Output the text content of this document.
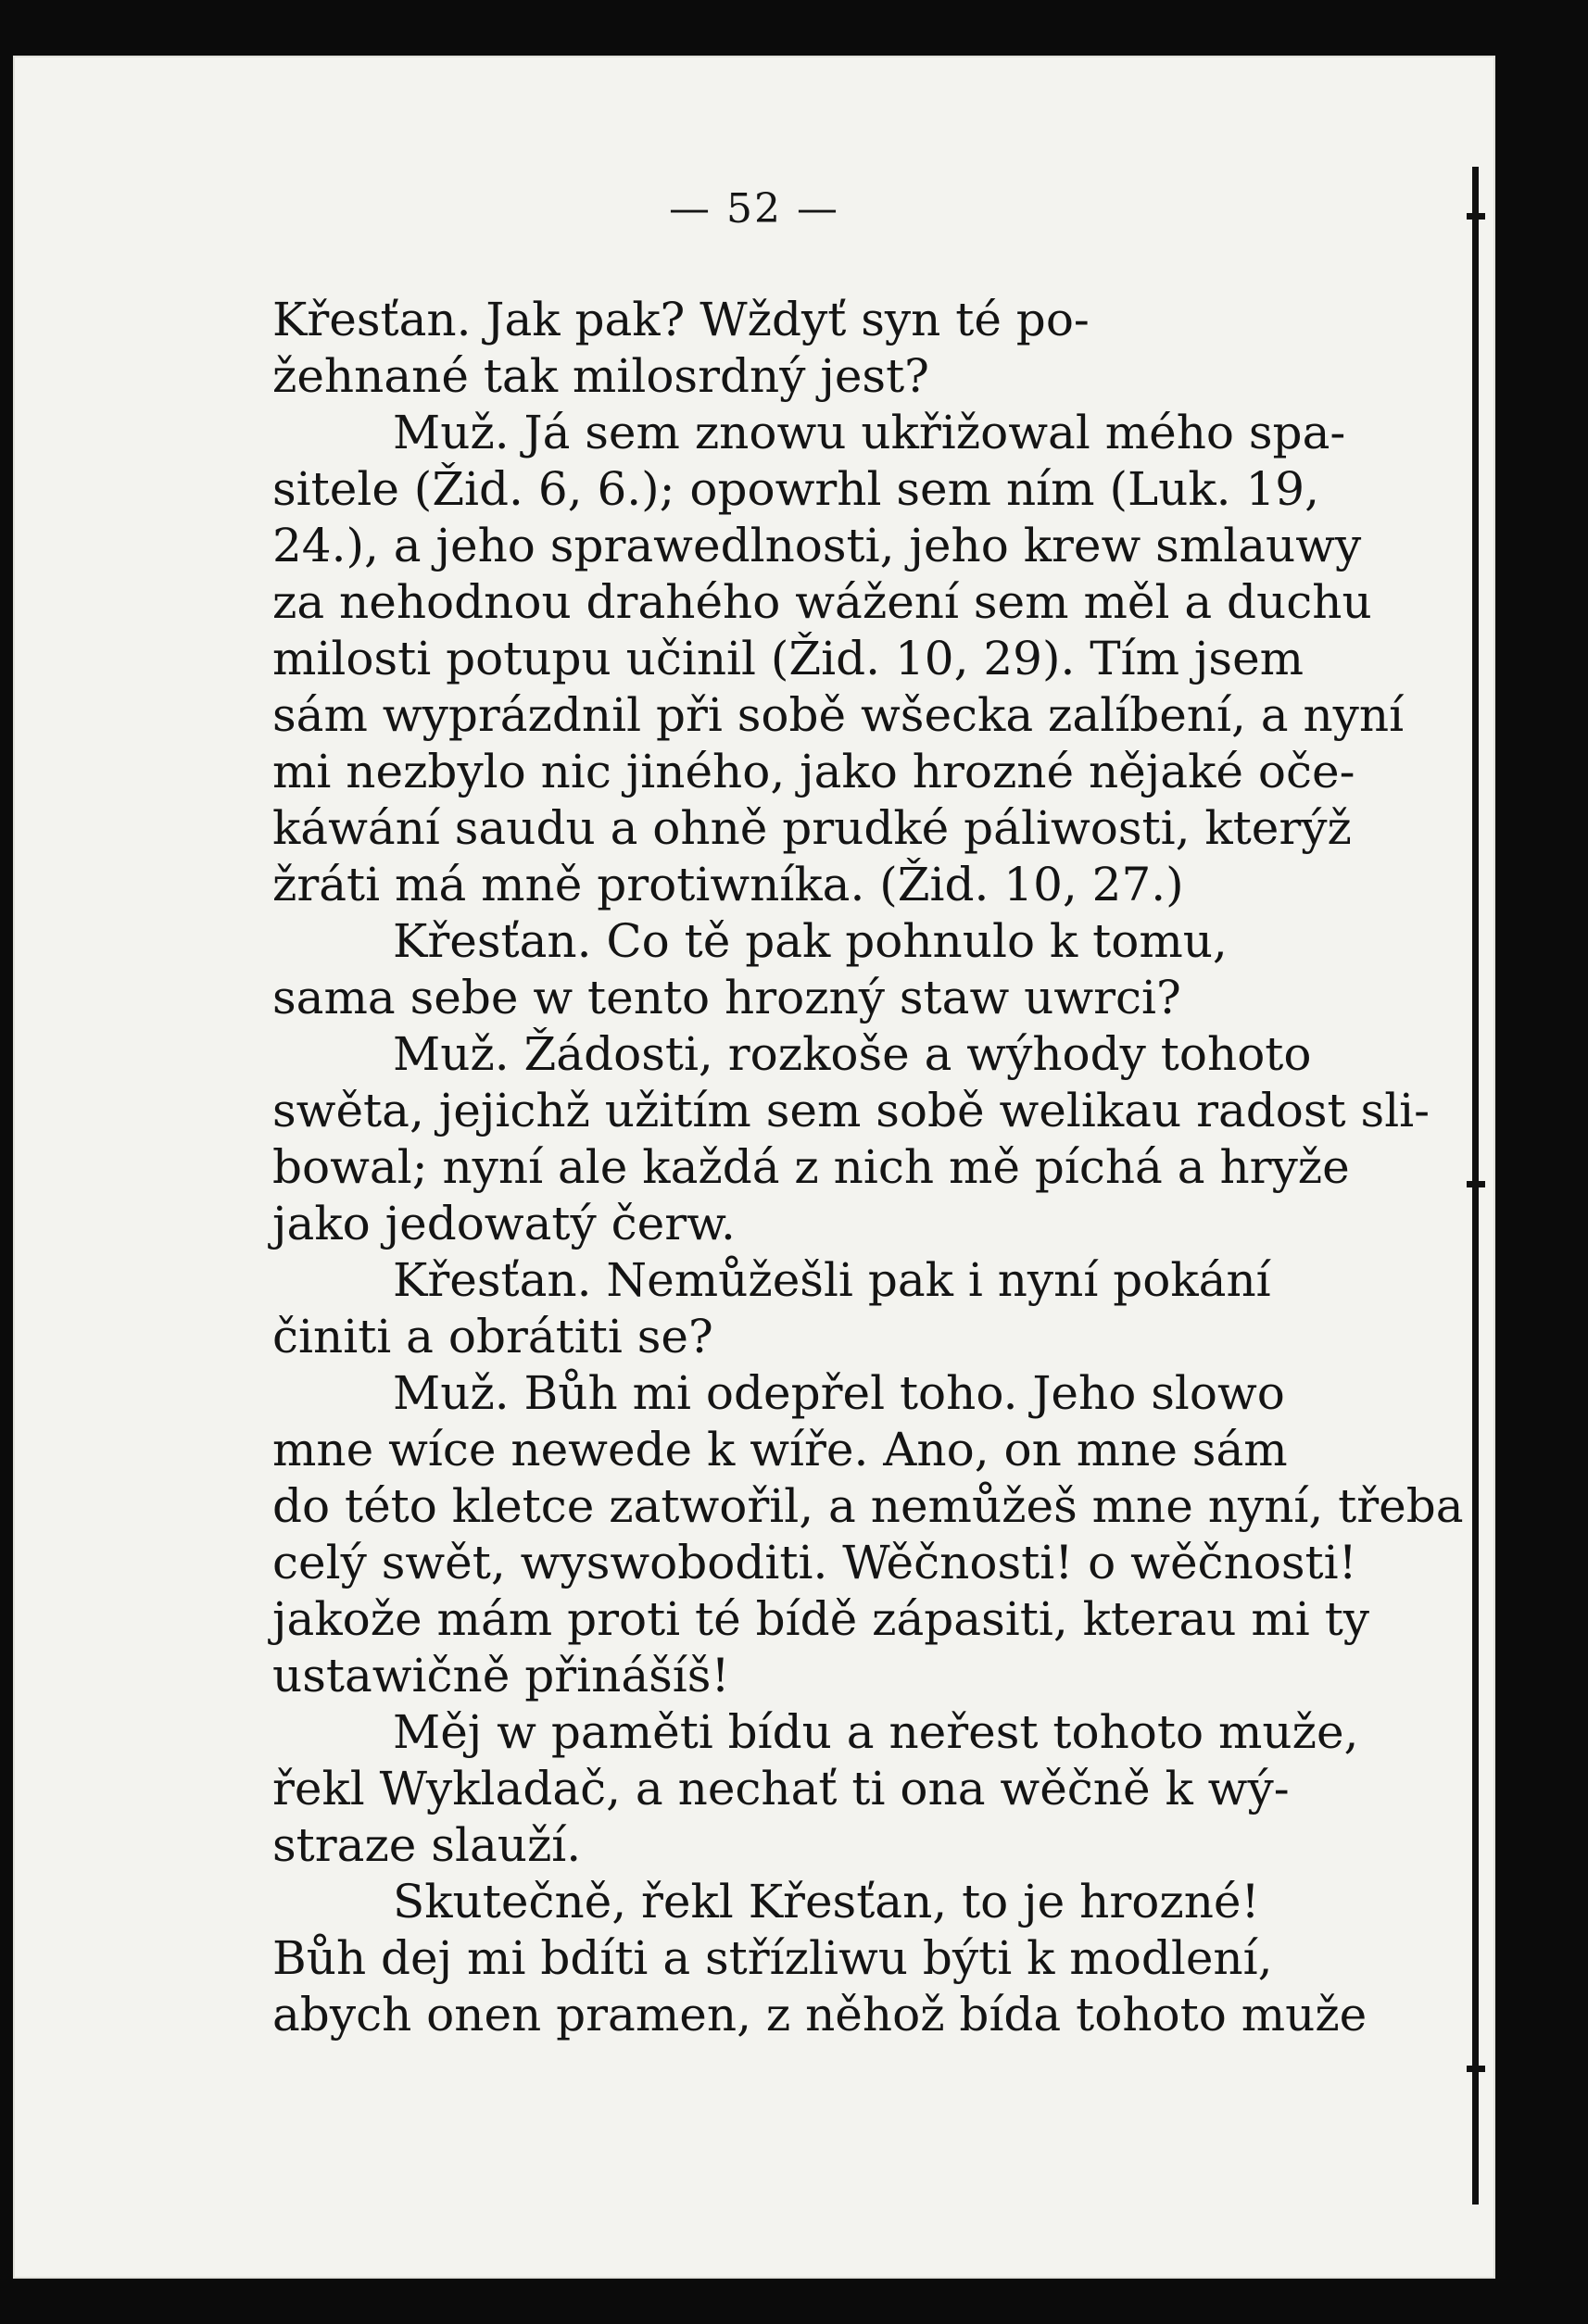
— 52 —

Křesťan. Jak pak? Wždyť syn té po-
žehnané tak milosrdný jest?

Muž. Já sem znowu ukřižowal mého spa-

sitele (Žid. 6, 6.); opowrhl sem ním (Luk. 19,
24.), a jeho sprawedlnosti, jeho krew smlauwy
za nehodnou drahého wážení sem měl a duchu
milosti potupu učinil (Žid. 10, 29). Tím jsem
sám wyprázdnil při sobě wšecka zalíbení, a nyní
mi nezbylo nic jiného, jako hrozné nějaké oče-
káwání saudu a ohně prudké páliwosti, kterýž
žráti má mně protiwníka. (Žid. 10, 27.)

Křesťan. Co tě pak pohnulo k tomu,

sama sebe w tento hrozný staw uwrci?

Muž. Žádosti, rozkoše a wýhody tohoto

swěta, jejichž užitím sem sobě welikau radost sli-
bowal; nyní ale každá z nich mě píchá a hryže
jako jedowatý čerw.

Křesťan. Nemůžešli pak i nyní pokání

činiti a obrátiti se?

Muž. Bůh mi odepřel toho. Jeho slowo

mne wíce newede k wíře. Ano, on mne sám
do této kletce zatwořil, a nemůžeš mne nyní, třeba
celý swět, wyswoboditi. Wěčnosti! o wěčnosti!
jakože mám proti té bídě zápasiti, kterau mi ty
ustawičně přinášíš!

Měj w paměti bídu a neřest tohoto muže,

řekl Wykladač, a nechať ti ona wěčně k wý-
straze slauží.

Skutečně, řekl Křesťan, to je hrozné!

Bůh dej mi bdíti a střízliwu býti k modlení,
abych onen pramen, z něhož bída tohoto muže
